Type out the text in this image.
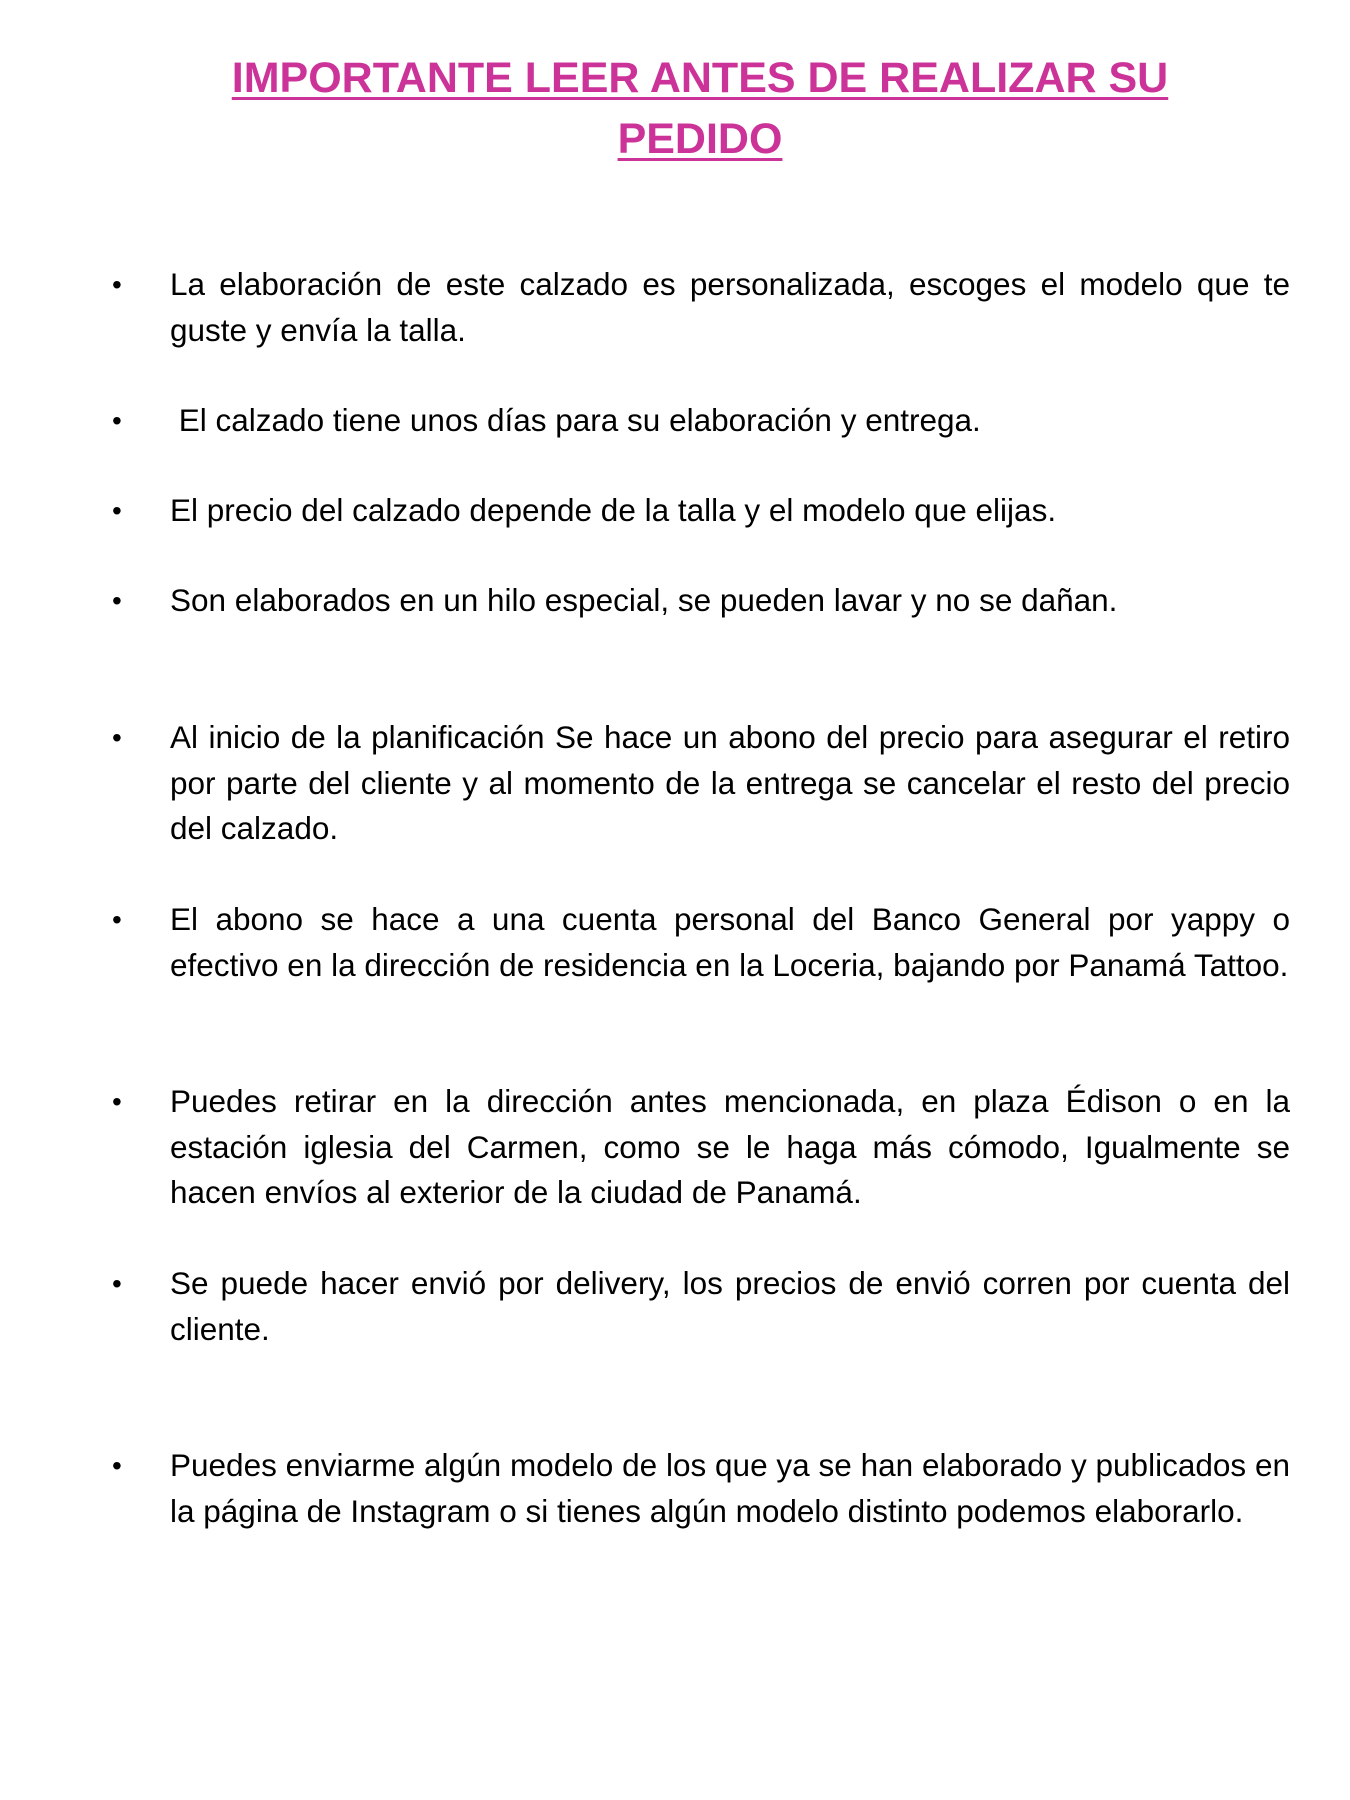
IMPORTANTE LEER ANTES DE REALIZAR SU
PEDIDO
•	La elaboración de este calzado es personalizada, escoges el modelo que te guste y envía la talla.
•	El calzado tiene unos días para su elaboración y entrega.
•	El precio del calzado depende de la talla y el modelo que elijas.
•	Son elaborados en un hilo especial, se pueden lavar y no se dañan.
•	Al inicio de la planificación Se hace un abono del precio para asegurar el retiro por parte del cliente y al momento de la entrega se cancelar el resto del precio del calzado.
•	El abono se hace a una cuenta personal del Banco General por yappy o efectivo en la dirección de residencia en la Loceria, bajando por Panamá Tattoo.
•	Puedes retirar en la dirección antes mencionada, en plaza Édison o en la estación iglesia del Carmen, como se le haga más cómodo, Igualmente se hacen envíos al exterior de la ciudad de Panamá.
•	Se puede hacer envió por delivery, los precios de envió corren por cuenta del cliente.
•	Puedes enviarme algún modelo de los que ya se han elaborado y publicados en la página de Instagram o si tienes algún modelo distinto podemos elaborarlo.
